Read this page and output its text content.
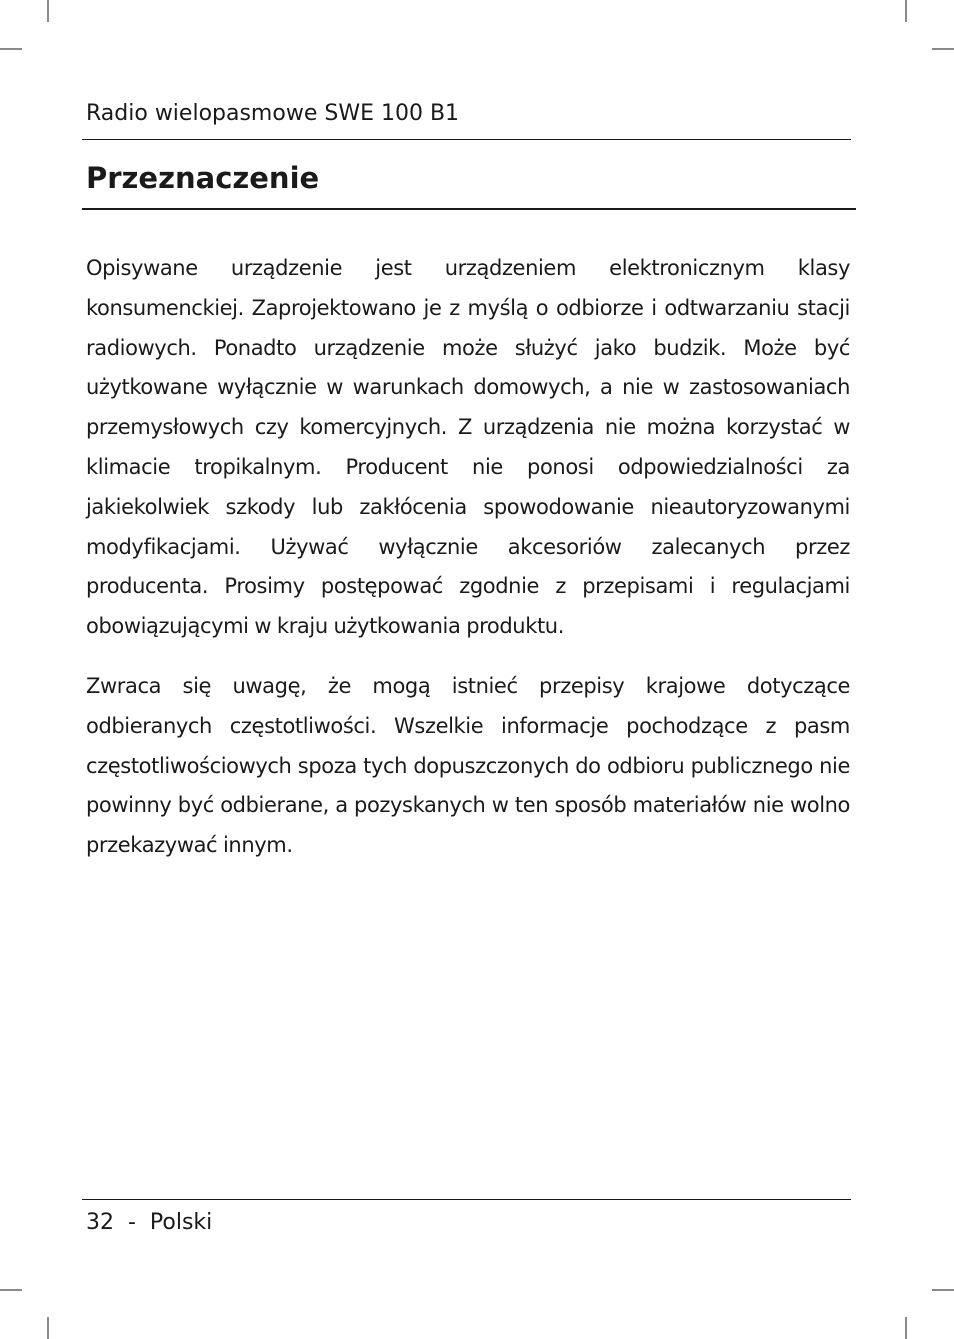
Radio wielopasmowe SWE 100 B1
Przeznaczenie

Opisywane urządzenie jest urządzeniem elektronicznym klasy konsumenckiej. Zaprojektowano je z myślą o odbiorze i odtwarzaniu stacji radiowych. Ponadto urządzenie może służyć jako budzik. Może być użytkowane wyłącznie w warunkach domowych, a nie w zastosowaniach przemysłowych czy komercyjnych. Z urządzenia nie można korzystać w klimacie tropikalnym. Producent nie ponosi odpowiedzialności za jakiekolwiek szkody lub zakłócenia spowodowanie nieautoryzowanymi modyfikacjami. Używać wyłącznie akcesoriów zalecanych przez producenta. Prosimy postępować zgodnie z przepisami i regulacjami obowiązującymi w kraju użytkowania produktu.

Zwraca się uwagę, że mogą istnieć przepisy krajowe dotyczące odbieranych częstotliwości. Wszelkie informacje pochodzące z pasm częstotliwościowych spoza tych dopuszczonych do odbioru publicznego nie powinny być odbierane, a pozyskanych w ten sposób materiałów nie wolno przekazywać innym.

32  -  Polski
